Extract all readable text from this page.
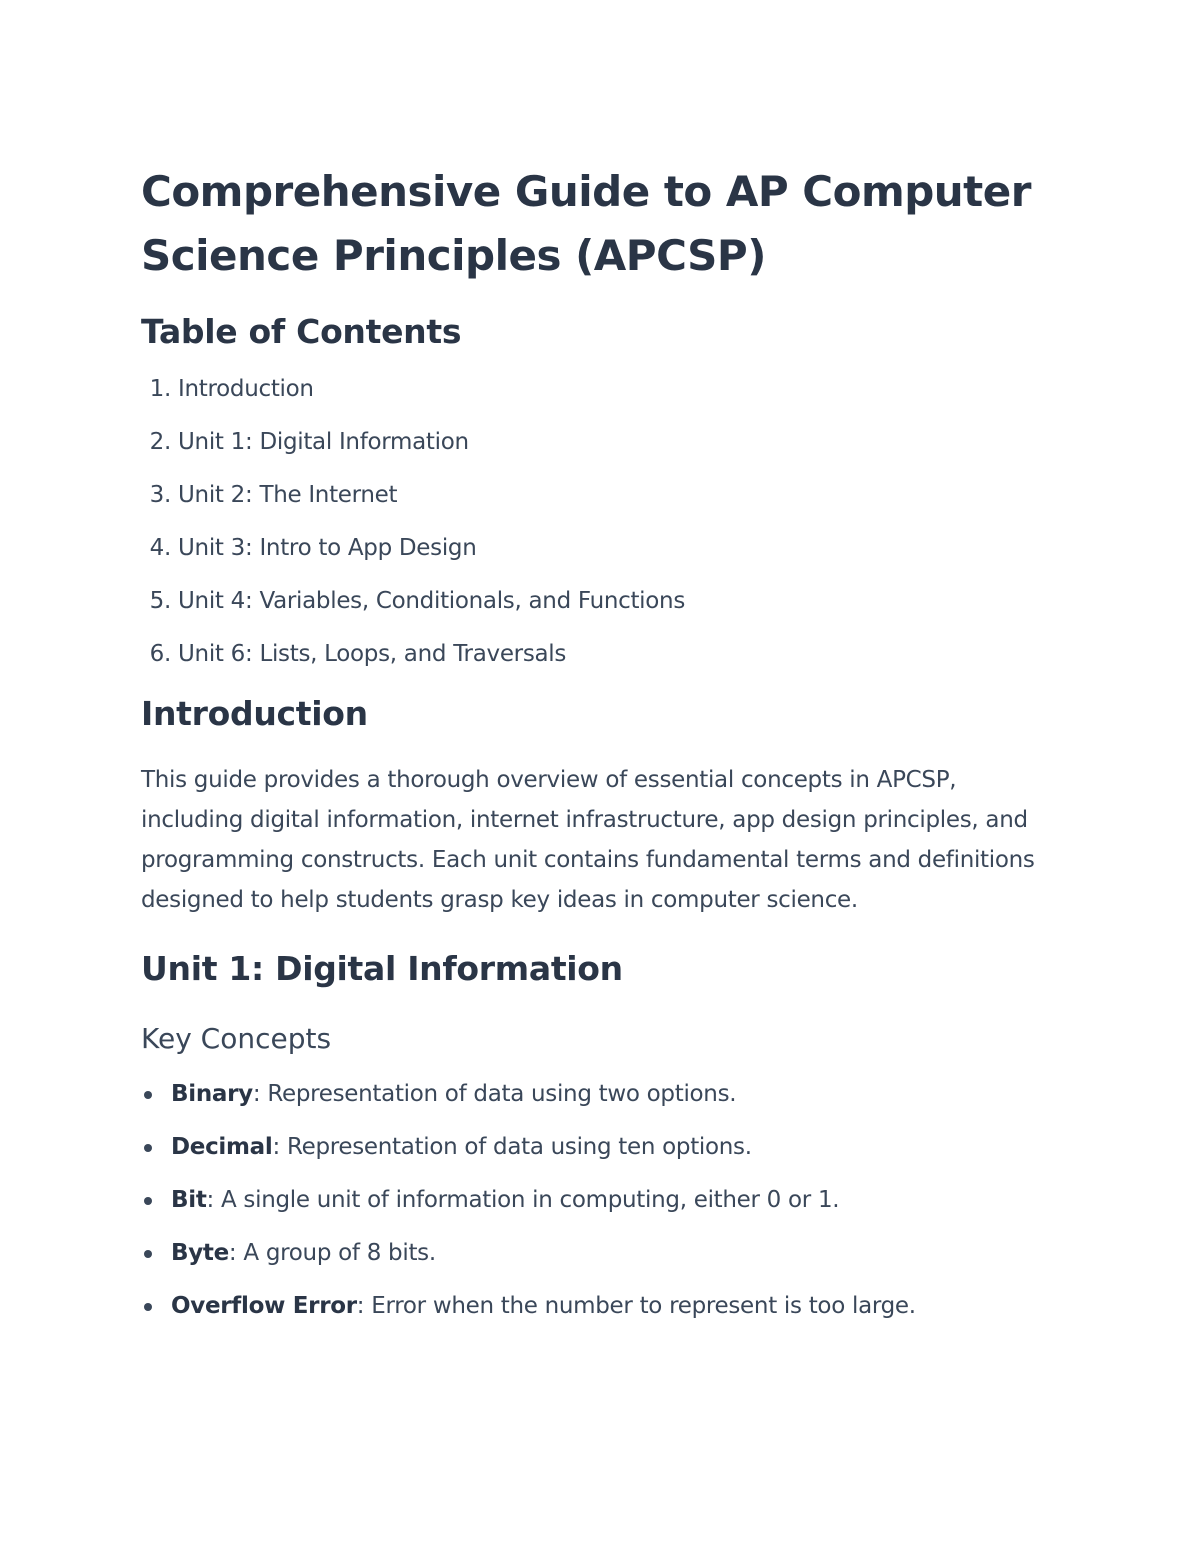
Comprehensive Guide to AP Computer
Science Principles (APCSP)
Table of Contents
1. Introduction
2. Unit 1: Digital Information
3. Unit 2: The Internet
4. Unit 3: Intro to App Design
5. Unit 4: Variables, Conditionals, and Functions
6. Unit 6: Lists, Loops, and Traversals
Introduction

This guide provides a thorough overview of essential concepts in APCSP, including digital information, internet infrastructure, app design principles, and programming constructs. Each unit contains fundamental terms and definitions designed to help students grasp key ideas in computer science.

Unit 1: Digital Information
Key Concepts
Binary: Representation of data using two options.
Decimal: Representation of data using ten options.
Bit: A single unit of information in computing, either 0 or 1.
Byte: A group of 8 bits.
Overflow Error: Error when the number to represent is too large.
